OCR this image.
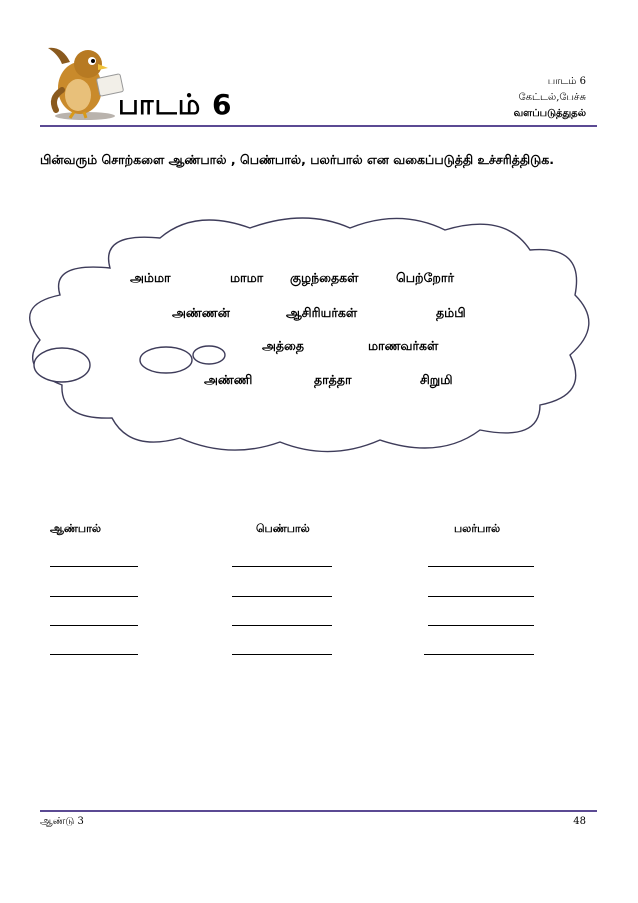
பாடம் 6
பாடம் 6
கேட்டல்,பேச்சு
வளப்படுத்துதல்
பின்வரும் சொற்களை ஆண்பால் , பெண்பால், பலர்பால் என வகைப்படுத்தி உச்சரித்திடுக.
அம்மா	மாமா குழந்தைகள்	பெற்றோர்
அண்ணன்	ஆசிரியர்கள்	தம்பி
அத்தை	மாணவர்கள்
அண்ணி	தாத்தா	சிறுமி
ஆண்பால்	பெண்பால்	பலர்பால்
ஆண்டு 3	48
